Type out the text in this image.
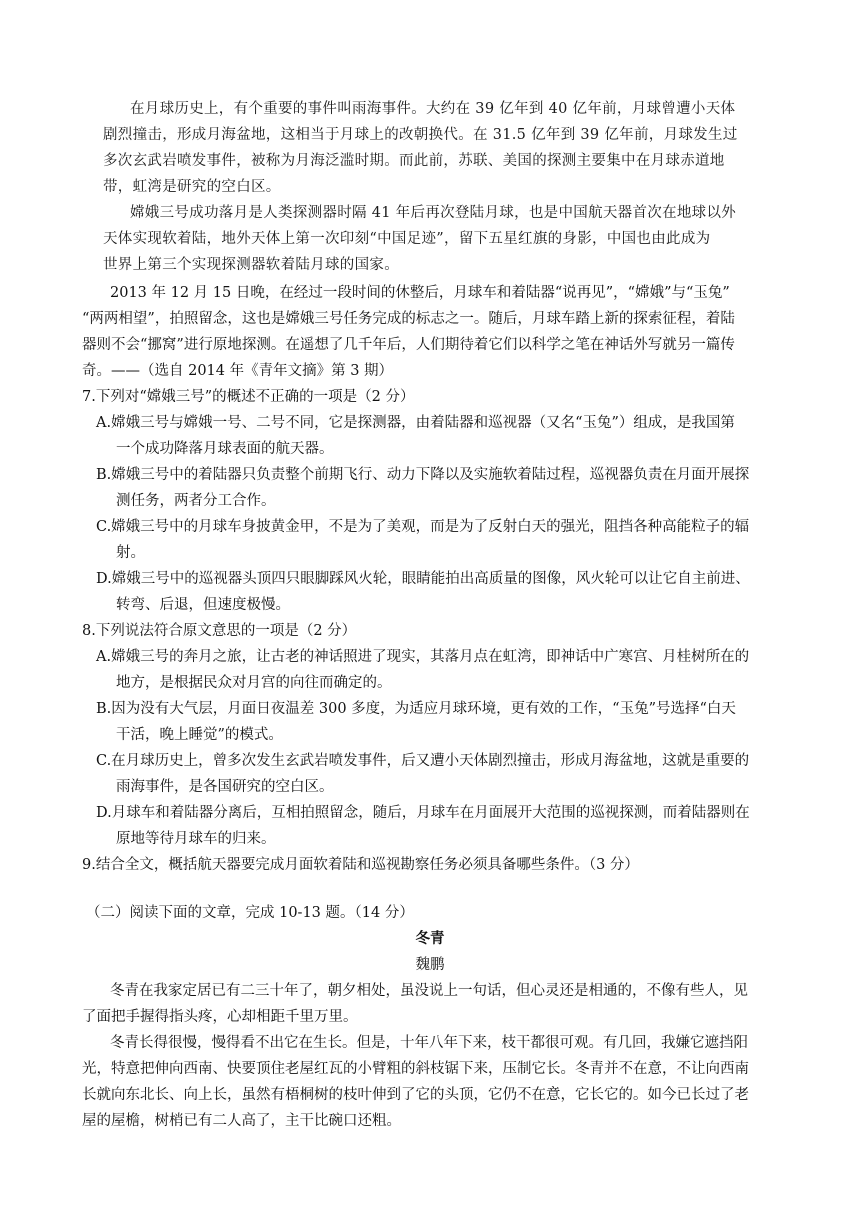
在月球历史上，有个重要的事件叫雨海事件。大约在 39 亿年到 40 亿年前，月球曾遭小天体
剧烈撞击，形成月海盆地，这相当于月球上的改朝换代。在 31.5 亿年到 39 亿年前，月球发生过
多次玄武岩喷发事件，被称为月海泛滥时期。而此前，苏联、美国的探测主要集中在月球赤道地
带，虹湾是研究的空白区。
嫦娥三号成功落月是人类探测器时隔 41 年后再次登陆月球，也是中国航天器首次在地球以外
天体实现软着陆，地外天体上第一次印刻“中国足迹”，留下五星红旗的身影，中国也由此成为
世界上第三个实现探测器软着陆月球的国家。
2013 年 12 月 15 日晚，在经过一段时间的休整后，月球车和着陆器“说再见”，“嫦娥”与“玉兔”
“两两相望”，拍照留念，这也是嫦娥三号任务完成的标志之一。随后，月球车踏上新的探索征程，着陆
器则不会“挪窝”进行原地探测。在遥想了几千年后，人们期待着它们以科学之笔在神话外写就另一篇传
奇。——（选自 2014 年《青年文摘》第 3 期）
7.下列对“嫦娥三号”的概述不正确的一项是（2 分）
A.嫦娥三号与嫦娥一号、二号不同，它是探测器，由着陆器和巡视器（又名“玉兔”）组成，是我国第
一个成功降落月球表面的航天器。
B.嫦娥三号中的着陆器只负责整个前期飞行、动力下降以及实施软着陆过程，巡视器负责在月面开展探
测任务，两者分工合作。
C.嫦娥三号中的月球车身披黄金甲，不是为了美观，而是为了反射白天的强光，阻挡各种高能粒子的辐
射。
D.嫦娥三号中的巡视器头顶四只眼脚踩风火轮，眼睛能拍出高质量的图像，风火轮可以让它自主前进、
转弯、后退，但速度极慢。
8.下列说法符合原文意思的一项是（2 分）
A.嫦娥三号的奔月之旅，让古老的神话照进了现实，其落月点在虹湾，即神话中广寒宫、月桂树所在的
地方，是根据民众对月宫的向往而确定的。
B.因为没有大气层，月面日夜温差 300 多度，为适应月球环境，更有效的工作，“玉兔”号选择“白天
干活，晚上睡觉”的模式。
C.在月球历史上，曾多次发生玄武岩喷发事件，后又遭小天体剧烈撞击，形成月海盆地，这就是重要的
雨海事件，是各国研究的空白区。
D.月球车和着陆器分离后，互相拍照留念，随后，月球车在月面展开大范围的巡视探测，而着陆器则在
原地等待月球车的归来。
9.结合全文，概括航天器要完成月面软着陆和巡视勘察任务必须具备哪些条件。（3 分）
（二）阅读下面的文章，完成 10-13 题。（14 分）
冬青
魏鹏
冬青在我家定居已有二三十年了，朝夕相处，虽没说上一句话，但心灵还是相通的，不像有些人，见
了面把手握得指头疼，心却相距千里万里。
冬青长得很慢，慢得看不出它在生长。但是，十年八年下来，枝干都很可观。有几回，我嫌它遮挡阳
光，特意把伸向西南、快要顶住老屋红瓦的小臂粗的斜枝锯下来，压制它长。冬青并不在意，不让向西南
长就向东北长、向上长，虽然有梧桐树的枝叶伸到了它的头顶，它仍不在意，它长它的。如今已长过了老
屋的屋檐，树梢已有二人高了，主干比碗口还粗。
